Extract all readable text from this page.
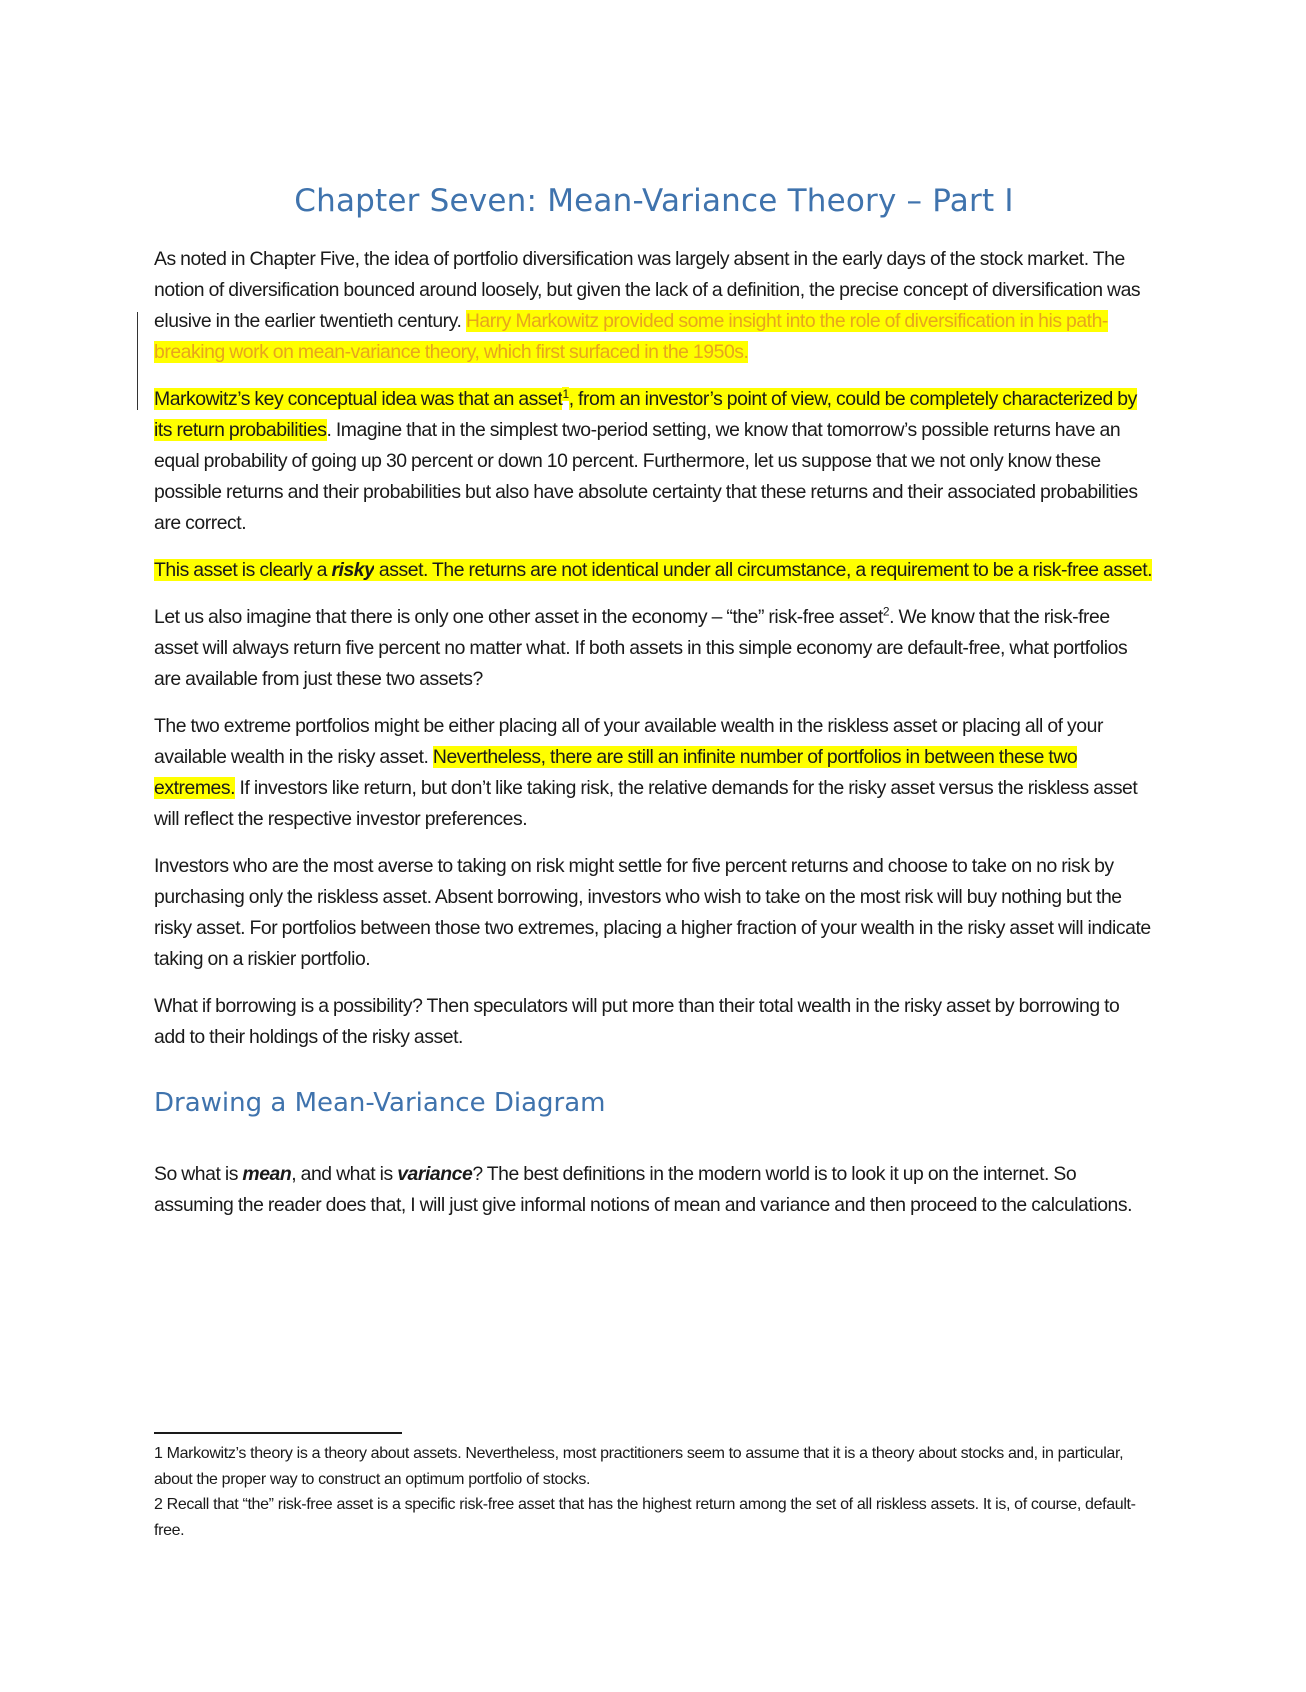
Chapter Seven: Mean-Variance Theory – Part I

As noted in Chapter Five, the idea of portfolio diversification was largely absent in the early days of the stock market. The notion of diversification bounced around loosely, but given the lack of a definition, the precise concept of diversification was elusive in the earlier twentieth century. Harry Markowitz provided some insight into the role of diversification in his path-breaking work on mean-variance theory, which first surfaced in the 1950s.

Markowitz’s key conceptual idea was that an asset$^1$, from an investor’s point of view, could be completely characterized by its return probabilities. Imagine that in the simplest two-period setting, we know that tomorrow’s possible returns have an equal probability of going up 30 percent or down 10 percent. Furthermore, let us suppose that we not only know these possible returns and their probabilities but also have absolute certainty that these returns and their associated probabilities are correct.

This asset is clearly a risky asset. The returns are not identical under all circumstance, a requirement to be a risk-free asset.

Let us also imagine that there is only one other asset in the economy – “the” risk-free asset$^2$. We know that the risk-free asset will always return five percent no matter what. If both assets in this simple economy are default-free, what portfolios are available from just these two assets?

The two extreme portfolios might be either placing all of your available wealth in the riskless asset or placing all of your available wealth in the risky asset. Nevertheless, there are still an infinite number of portfolios in between these two extremes. If investors like return, but don’t like taking risk, the relative demands for the risky asset versus the riskless asset will reflect the respective investor preferences.

Investors who are the most averse to taking on risk might settle for five percent returns and choose to take on no risk by purchasing only the riskless asset. Absent borrowing, investors who wish to take on the most risk will buy nothing but the risky asset. For portfolios between those two extremes, placing a higher fraction of your wealth in the risky asset will indicate taking on a riskier portfolio.

What if borrowing is a possibility? Then speculators will put more than their total wealth in the risky asset by borrowing to add to their holdings of the risky asset.

Drawing a Mean-Variance Diagram

So what is mean, and what is variance? The best definitions in the modern world is to look it up on the internet. So assuming the reader does that, I will just give informal notions of mean and variance and then proceed to the calculations.

1 Markowitz’s theory is a theory about assets. Nevertheless, most practitioners seem to assume that it is a theory about stocks and, in particular, about the proper way to construct an optimum portfolio of stocks.

2 Recall that “the” risk-free asset is a specific risk-free asset that has the highest return among the set of all riskless assets. It is, of course, default-free.
